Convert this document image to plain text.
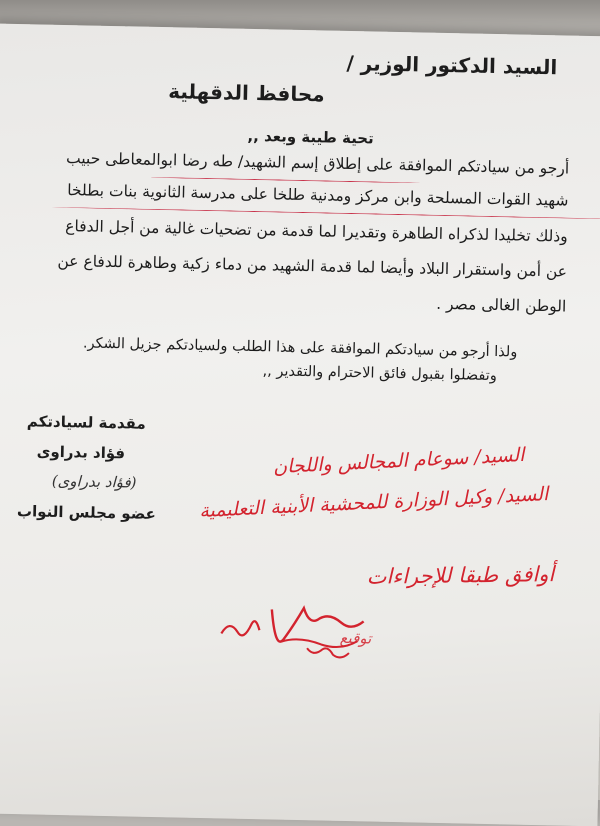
السيد الدكتور الوزير /
محافظ الدقهلية
تحية طيبة وبعد ,,
أرجو من سيادتكم الموافقة على إطلاق إسم الشهيد/ طه رضا ابوالمعاطى حبيب
شهيد القوات المسلحة وابن مركز ومدنية طلخا على مدرسة الثانوية بنات بطلخا
وذلك تخليدا لذكراه الطاهرة وتقديرا لما قدمة من تضحيات غالية من أجل الدفاع
عن أمن واستقرار البلاد وأيضا لما قدمة الشهيد من دماء زكية وطاهرة للدفاع عن
الوطن الغالى مصر .
ولذا أرجو من سيادتكم الموافقة على هذا الطلب ولسيادتكم جزيل الشكر.
وتفضلوا بقبول فائق الاحترام والتقدير ,,
مقدمة لسيادتكم
فؤاد بدراوى
(فؤاد بدراوى)
عضو مجلس النواب
السيد/ سوعام المجالس واللجان
السيد/ وكيل الوزارة للمحشية الأبنية التعليمية
أوافق طبقا للإجراءات
توقيع
